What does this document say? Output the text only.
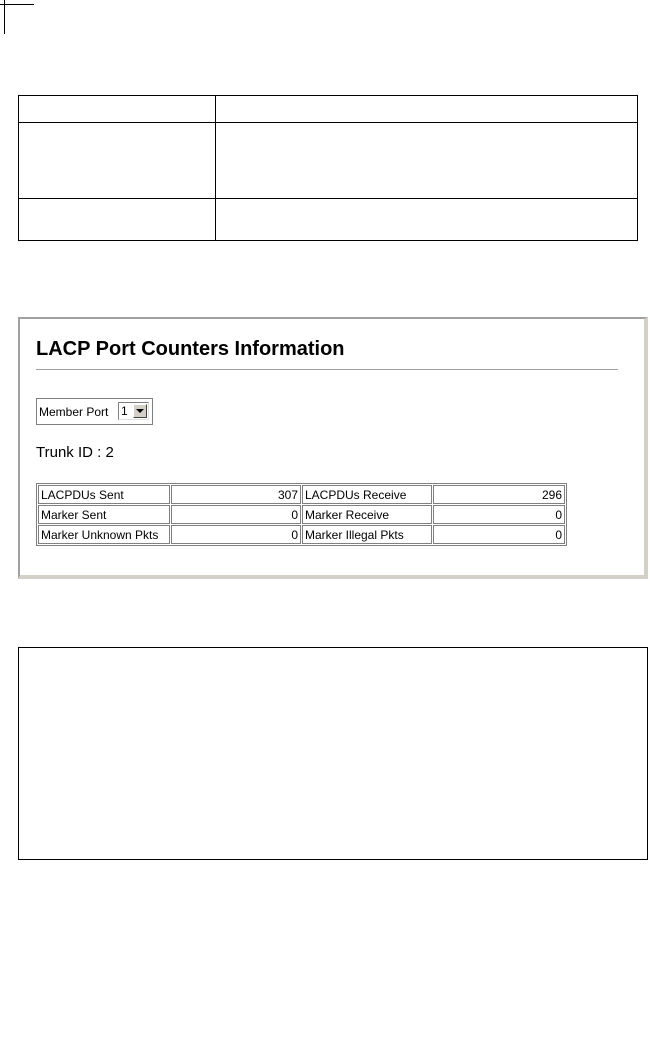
LACP Port Counters Information
Member Port 1
Trunk ID : 2
LACPDUs Sent	307	LACPDUs Receive	296
Marker Sent	0	Marker Receive	0
Marker Unknown Pkts	0	Marker Illegal Pkts	0
